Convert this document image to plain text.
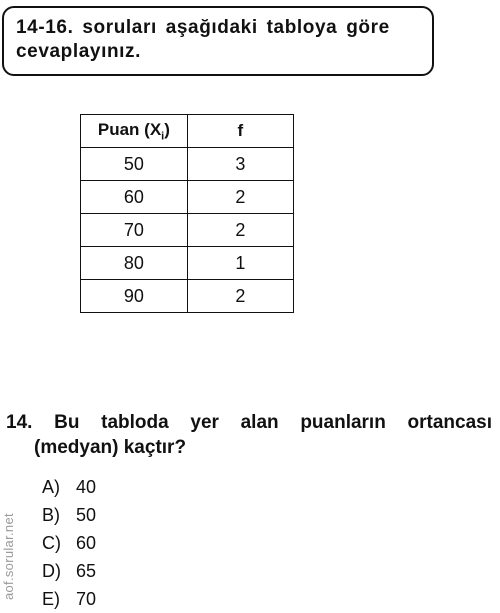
14-16. soruları aşağıdaki tabloya göre
cevaplayınız.
Puan $(X_i)$	f
50	3
60	2
70	2
80	1
90	2
14. Bu tabloda yer alan puanların ortancası
(medyan) kaçtır?
A) 40
B) 50
C) 60
D) 65
E) 70
aof.sorular.net
